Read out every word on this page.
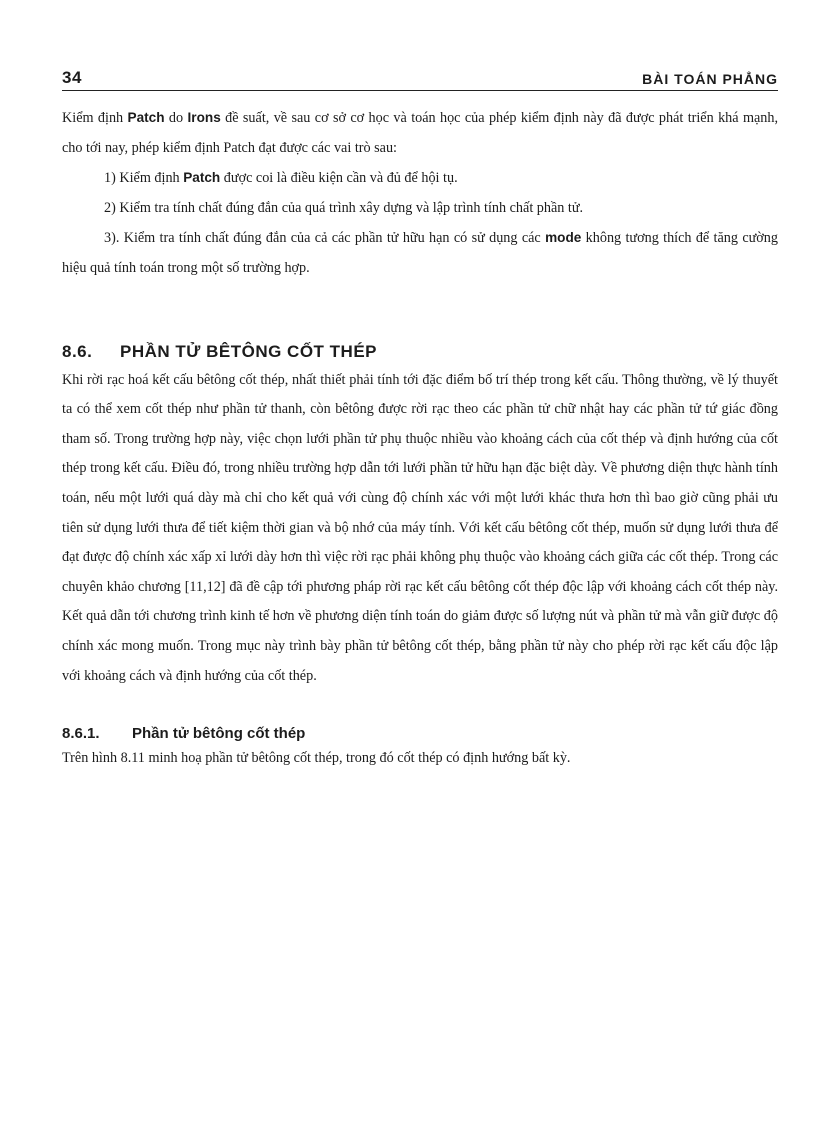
34	BÀI TOÁN PHẲNG

Kiểm định Patch do Irons đề suất, về sau cơ sở cơ học và toán học của phép kiểm định này đã được phát triển khá mạnh, cho tới nay, phép kiểm định Patch đạt được các vai trò sau:

1) Kiểm định Patch được coi là điều kiện cần và đủ để hội tụ.

2) Kiểm tra tính chất đúng đắn của quá trình xây dựng và lập trình tính chất phần tử.

3). Kiểm tra tính chất đúng đắn của cả các phần tử hữu hạn có sử dụng các mode không tương thích để tăng cường hiệu quả tính toán trong một số trường hợp.

8.6.	PHẦN TỬ BÊTÔNG CỐT THÉP

Khi rời rạc hoá kết cấu bêtông cốt thép, nhất thiết phải tính tới đặc điểm bố trí thép trong kết cấu. Thông thường, về lý thuyết ta có thể xem cốt thép như phần tử thanh, còn bêtông được rời rạc theo các phần tử chữ nhật hay các phần tử tứ giác đồng tham số. Trong trường hợp này, việc chọn lưới phần tử phụ thuộc nhiều vào khoảng cách của cốt thép và định hướng của cốt thép trong kết cấu. Điều đó, trong nhiều trường hợp dẫn tới lưới phần tử hữu hạn đặc biệt dày. Về phương diện thực hành tính toán, nếu một lưới quá dày mà chỉ cho kết quả với cùng độ chính xác với một lưới khác thưa hơn thì bao giờ cũng phải ưu tiên sử dụng lưới thưa để tiết kiệm thời gian và bộ nhớ của máy tính. Với kết cấu bêtông cốt thép, muốn sử dụng lưới thưa để đạt được độ chính xác xấp xỉ lưới dày hơn thì việc rời rạc phải không phụ thuộc vào khoảng cách giữa các cốt thép. Trong các chuyên khảo chương [11,12] đã đề cập tới phương pháp rời rạc kết cấu bêtông cốt thép độc lập với khoảng cách cốt thép này. Kết quả dẫn tới chương trình kinh tế hơn về phương diện tính toán do giảm được số lượng nút và phần tử mà vẫn giữ được độ chính xác mong muốn. Trong mục này trình bày phần tử bêtông cốt thép, bằng phần tử này cho phép rời rạc kết cấu độc lập với khoảng cách và định hướng của cốt thép.

8.6.1.	Phần tử bêtông cốt thép

Trên hình 8.11 minh hoạ phần tử bêtông cốt thép, trong đó cốt thép có định hướng bất kỳ.
